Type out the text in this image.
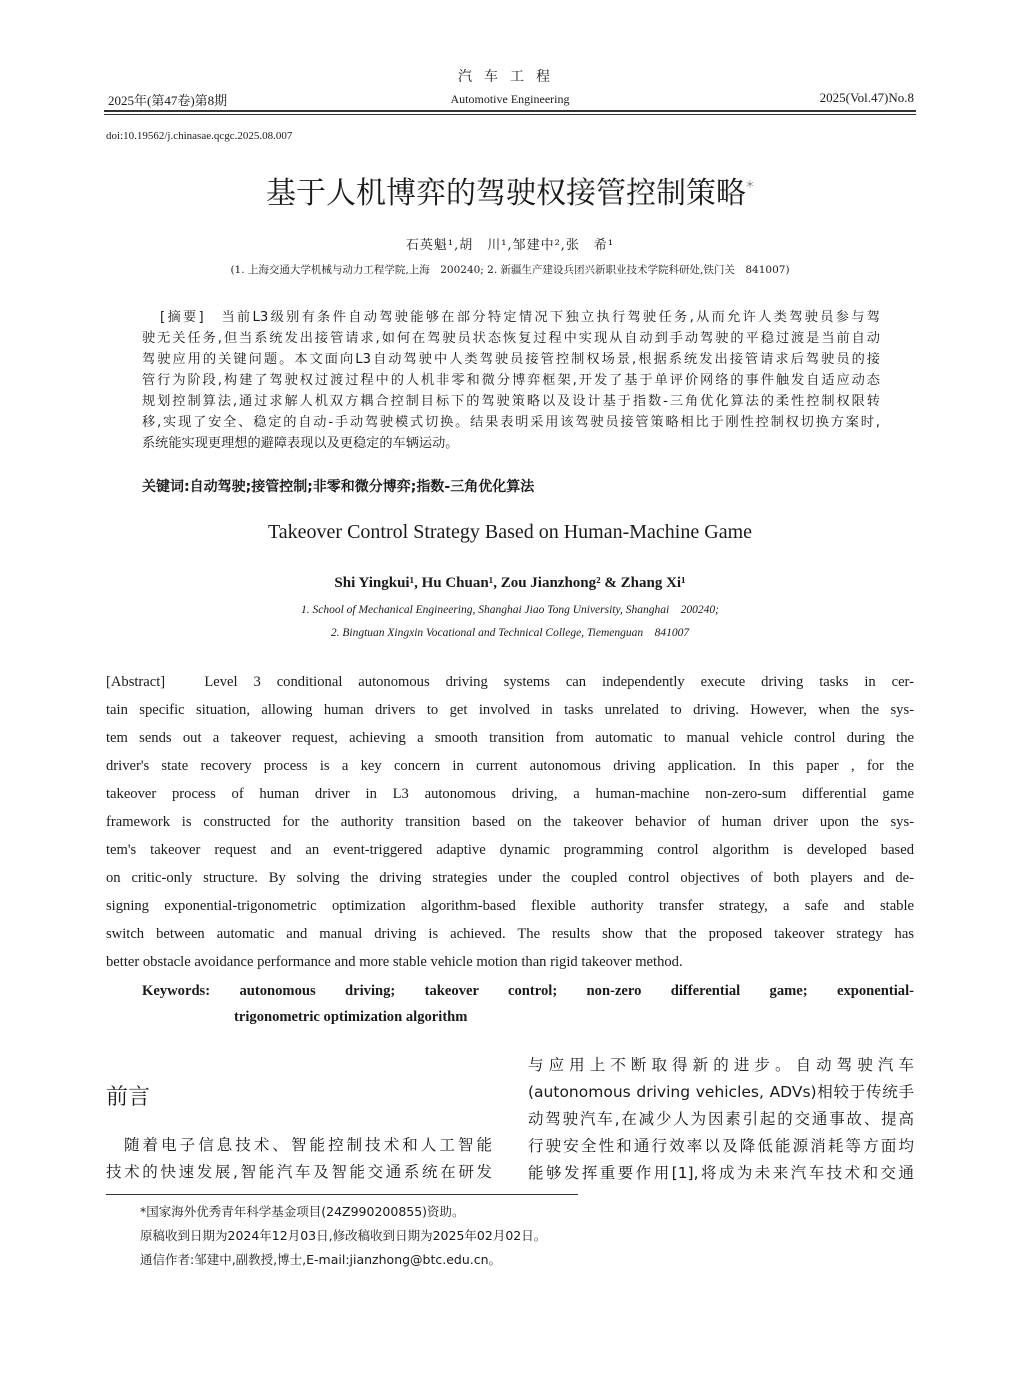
汽车工程
2025年(第47卷)第8期	Automotive Engineering	2025(Vol.47)No.8
doi:10.19562/j.chinasae.qcgc.2025.08.007
基于人机博弈的驾驶权接管控制策略*
石英魁¹,胡　川¹,邹建中²,张　希¹
(1. 上海交通大学机械与动力工程学院,上海　200240; 2. 新疆生产建设兵团兴新职业技术学院科研处,铁门关　841007)
[摘要]　当前L3级别有条件自动驾驶能够在部分特定情况下独立执行驾驶任务,从而允许人类驾驶员参与驾
驶无关任务,但当系统发出接管请求,如何在驾驶员状态恢复过程中实现从自动到手动驾驶的平稳过渡是当前自动
驾驶应用的关键问题。本文面向L3自动驾驶中人类驾驶员接管控制权场景,根据系统发出接管请求后驾驶员的接
管行为阶段,构建了驾驶权过渡过程中的人机非零和微分博弈框架,开发了基于单评价网络的事件触发自适应动态
规划控制算法,通过求解人机双方耦合控制目标下的驾驶策略以及设计基于指数-三角优化算法的柔性控制权限转
移,实现了安全、稳定的自动-手动驾驶模式切换。结果表明采用该驾驶员接管策略相比于刚性控制权切换方案时,
系统能实现更理想的避障表现以及更稳定的车辆运动。
关键词:自动驾驶;接管控制;非零和微分博弈;指数-三角优化算法
Takeover Control Strategy Based on Human-Machine Game
Shi Yingkui¹, Hu Chuan¹, Zou Jianzhong² & Zhang Xi¹
1. School of Mechanical Engineering, Shanghai Jiao Tong University, Shanghai　200240;
2. Bingtuan Xingxin Vocational and Technical College, Tiemenguan　841007
[Abstract]　Level 3 conditional autonomous driving systems can independently execute driving tasks in cer-
tain specific situation, allowing human drivers to get involved in tasks unrelated to driving. However, when the sys-
tem sends out a takeover request, achieving a smooth transition from automatic to manual vehicle control during the
driver's state recovery process is a key concern in current autonomous driving application. In this paper , for the
takeover process of human driver in L3 autonomous driving, a human-machine non-zero-sum differential game
framework is constructed for the authority transition based on the takeover behavior of human driver upon the sys-
tem's takeover request and an event-triggered adaptive dynamic programming control algorithm is developed based
on critic-only structure. By solving the driving strategies under the coupled control objectives of both players and de-
signing exponential-trigonometric optimization algorithm-based flexible authority transfer strategy, a safe and stable
switch between automatic and manual driving is achieved. The results show that the proposed takeover strategy has
better obstacle avoidance performance and more stable vehicle motion than rigid takeover method.
Keywords: autonomous driving; takeover control; non-zero differential game; exponential-
trigonometric optimization algorithm
前言
随着电子信息技术、智能控制技术和人工智能
技术的快速发展,智能汽车及智能交通系统在研发
与应用上不断取得新的进步。自动驾驶汽车
(autonomous driving vehicles, ADVs)相较于传统手
动驾驶汽车,在减少人为因素引起的交通事故、提高
行驶安全性和通行效率以及降低能源消耗等方面均
能够发挥重要作用[1],将成为未来汽车技术和交通
*国家海外优秀青年科学基金项目(24Z990200855)资助。
原稿收到日期为2024年12月03日,修改稿收到日期为2025年02月02日。
通信作者:邹建中,副教授,博士,E-mail:jianzhong@btc.edu.cn。
